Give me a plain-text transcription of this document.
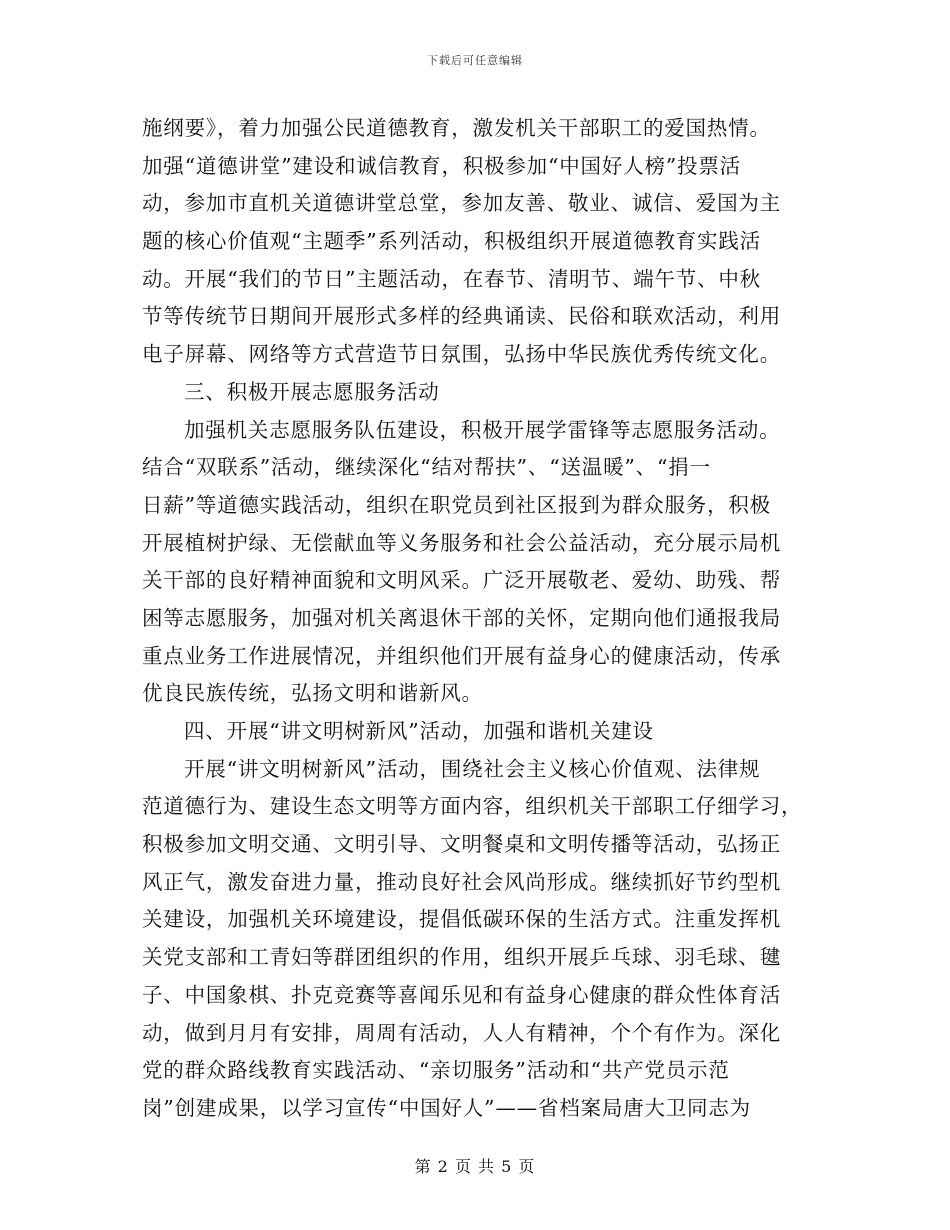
下载后可任意编辑
施纲要》，着力加强公民道德教育，激发机关干部职工的爱国热情。
加强“道德讲堂”建设和诚信教育，积极参加“中国好人榜”投票活
动，参加市直机关道德讲堂总堂，参加友善、敬业、诚信、爱国为主
题的核心价值观“主题季”系列活动，积极组织开展道德教育实践活
动。开展“我们的节日”主题活动，在春节、清明节、端午节、中秋
节等传统节日期间开展形式多样的经典诵读、民俗和联欢活动，利用
电子屏幕、网络等方式营造节日氛围，弘扬中华民族优秀传统文化。
三、积极开展志愿服务活动
加强机关志愿服务队伍建设，积极开展学雷锋等志愿服务活动。
结合“双联系”活动，继续深化“结对帮扶”、“送温暖”、“捐一
日薪”等道德实践活动，组织在职党员到社区报到为群众服务，积极
开展植树护绿、无偿献血等义务服务和社会公益活动，充分展示局机
关干部的良好精神面貌和文明风采。广泛开展敬老、爱幼、助残、帮
困等志愿服务，加强对机关离退休干部的关怀，定期向他们通报我局
重点业务工作进展情况，并组织他们开展有益身心的健康活动，传承
优良民族传统，弘扬文明和谐新风。
四、开展“讲文明树新风”活动，加强和谐机关建设
开展“讲文明树新风”活动，围绕社会主义核心价值观、法律规
范道德行为、建设生态文明等方面内容，组织机关干部职工仔细学习，
积极参加文明交通、文明引导、文明餐桌和文明传播等活动，弘扬正
风正气，激发奋进力量，推动良好社会风尚形成。继续抓好节约型机
关建设，加强机关环境建设，提倡低碳环保的生活方式。注重发挥机
关党支部和工青妇等群团组织的作用，组织开展乒乓球、羽毛球、毽
子、中国象棋、扑克竞赛等喜闻乐见和有益身心健康的群众性体育活
动，做到月月有安排，周周有活动，人人有精神，个个有作为。深化
党的群众路线教育实践活动、“亲切服务”活动和“共产党员示范
岗”创建成果，以学习宣传“中国好人”——省档案局唐大卫同志为
第 2 页 共 5 页
